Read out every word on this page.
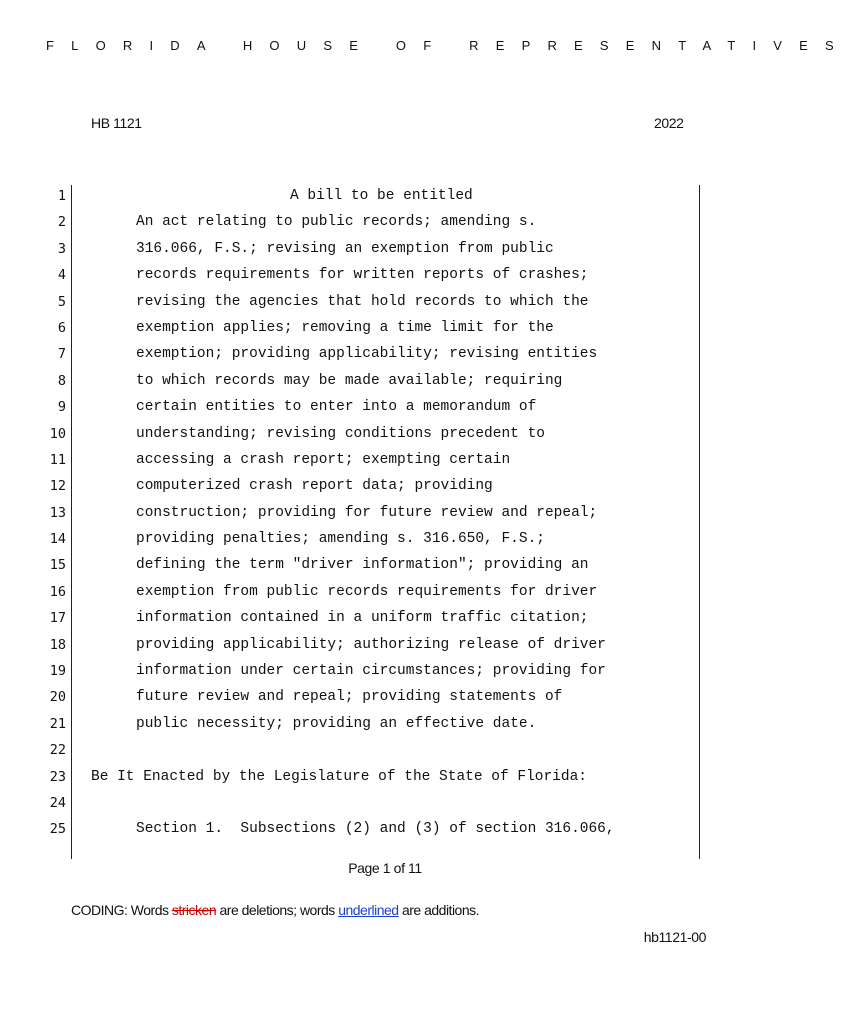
FLORIDA HOUSE OF REPRESENTATIVES
HB 1121	2022
1	A bill to be entitled
2	An act relating to public records; amending s.
3	316.066, F.S.; revising an exemption from public
4	records requirements for written reports of crashes;
5	revising the agencies that hold records to which the
6	exemption applies; removing a time limit for the
7	exemption; providing applicability; revising entities
8	to which records may be made available; requiring
9	certain entities to enter into a memorandum of
10	understanding; revising conditions precedent to
11	accessing a crash report; exempting certain
12	computerized crash report data; providing
13	construction; providing for future review and repeal;
14	providing penalties; amending s. 316.650, F.S.;
15	defining the term "driver information"; providing an
16	exemption from public records requirements for driver
17	information contained in a uniform traffic citation;
18	providing applicability; authorizing release of driver
19	information under certain circumstances; providing for
20	future review and repeal; providing statements of
21	public necessity; providing an effective date.
22
23 Be It Enacted by the Legislature of the State of Florida:
24
25	Section 1.  Subsections (2) and (3) of section 316.066,
Page 1 of 11
CODING: Words stricken are deletions; words underlined are additions.
hb1121-00
